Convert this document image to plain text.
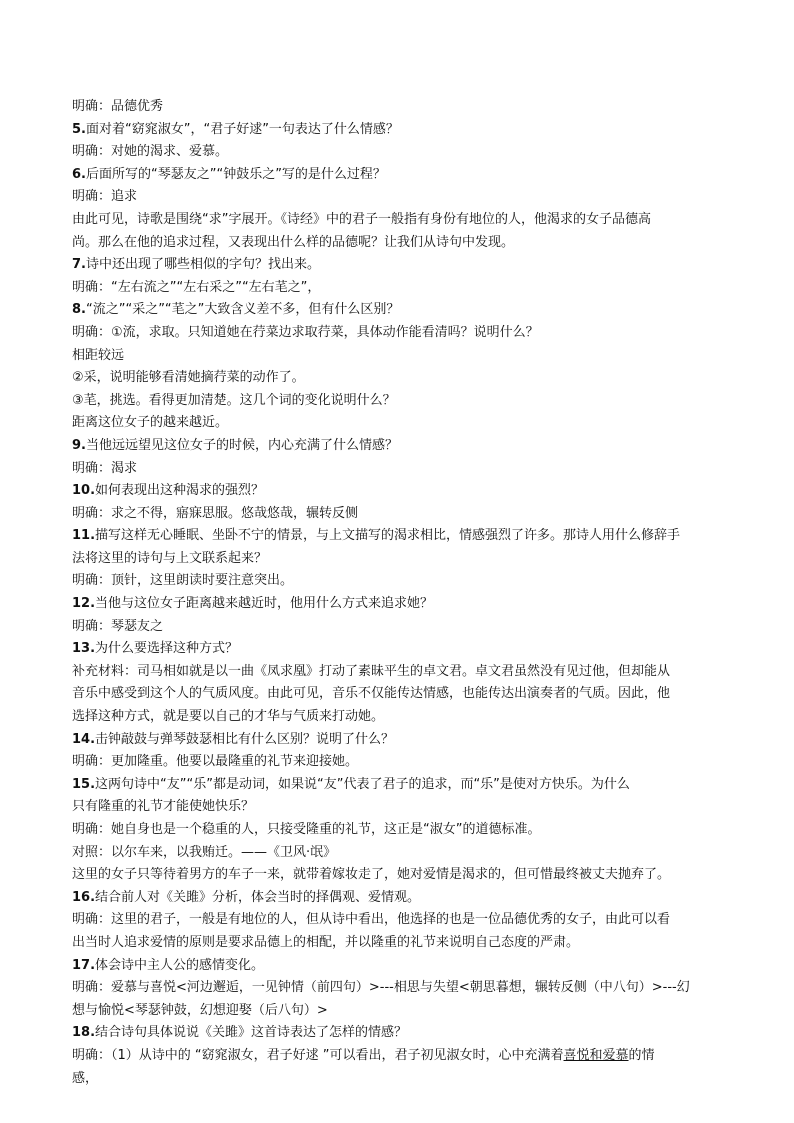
明确：品德优秀

5.面对着“窈窕淑女”，“君子好逑”一句表达了什么情感？

明确：对她的渴求、爱慕。

6.后面所写的“琴瑟友之”“钟鼓乐之”写的是什么过程？

明确：追求

由此可见，诗歌是围绕“求”字展开。《诗经》中的君子一般指有身份有地位的人，他渴求的女子品德高

尚。那么在他的追求过程，又表现出什么样的品德呢？让我们从诗句中发现。

7.诗中还出现了哪些相似的字句？找出来。

明确：“左右流之”“左右采之”“左右芼之”，

8.“流之”“采之”“芼之”大致含义差不多，但有什么区别？

明确：①流，求取。只知道她在荇菜边求取荇菜，具体动作能看清吗？说明什么？

相距较远

②采，说明能够看清她摘荇菜的动作了。

③芼，挑选。看得更加清楚。这几个词的变化说明什么？

距离这位女子的越来越近。

9.当他远远望见这位女子的时候，内心充满了什么情感？

明确：渴求

10.如何表现出这种渴求的强烈？

明确：求之不得，寤寐思服。悠哉悠哉，辗转反侧

11.描写这样无心睡眠、坐卧不宁的情景，与上文描写的渴求相比，情感强烈了许多。那诗人用什么修辞手

法将这里的诗句与上文联系起来？

明确：顶针，这里朗读时要注意突出。

12.当他与这位女子距离越来越近时，他用什么方式来追求她？

明确：琴瑟友之

13.为什么要选择这种方式？

补充材料：司马相如就是以一曲《凤求凰》打动了素昧平生的卓文君。卓文君虽然没有见过他，但却能从

音乐中感受到这个人的气质风度。由此可见，音乐不仅能传达情感，也能传达出演奏者的气质。因此，他

选择这种方式，就是要以自己的才华与气质来打动她。

14.击钟敲鼓与弹琴鼓瑟相比有什么区别？说明了什么？

明确：更加隆重。他要以最隆重的礼节来迎接她。

15.这两句诗中“友”“乐”都是动词，如果说“友”代表了君子的追求，而“乐”是使对方快乐。为什么

只有隆重的礼节才能使她快乐？

明确：她自身也是一个稳重的人，只接受隆重的礼节，这正是“淑女”的道德标准。

对照：以尔车来，以我贿迁。——《卫风·氓》

这里的女子只等待着男方的车子一来，就带着嫁妆走了，她对爱情是渴求的，但可惜最终被丈夫抛弃了。

16.结合前人对《关雎》分析，体会当时的择偶观、爱情观。

明确：这里的君子，一般是有地位的人，但从诗中看出，他选择的也是一位品德优秀的女子，由此可以看

出当时人追求爱情的原则是要求品德上的相配，并以隆重的礼节来说明自己态度的严肃。

17.体会诗中主人公的感情变化。

明确：爱慕与喜悦<河边邂逅，一见钟情（前四句）>---相思与失望<朝思暮想，辗转反侧（中八句）>---幻

想与愉悦<琴瑟钟鼓，幻想迎娶（后八句）>

18.结合诗句具体说说《关雎》这首诗表达了怎样的情感？

明确：（1）从诗中的 “窈窕淑女，君子好逑 ”可以看出，君子初见淑女时，心中充满着喜悦和爱慕的情

感，
